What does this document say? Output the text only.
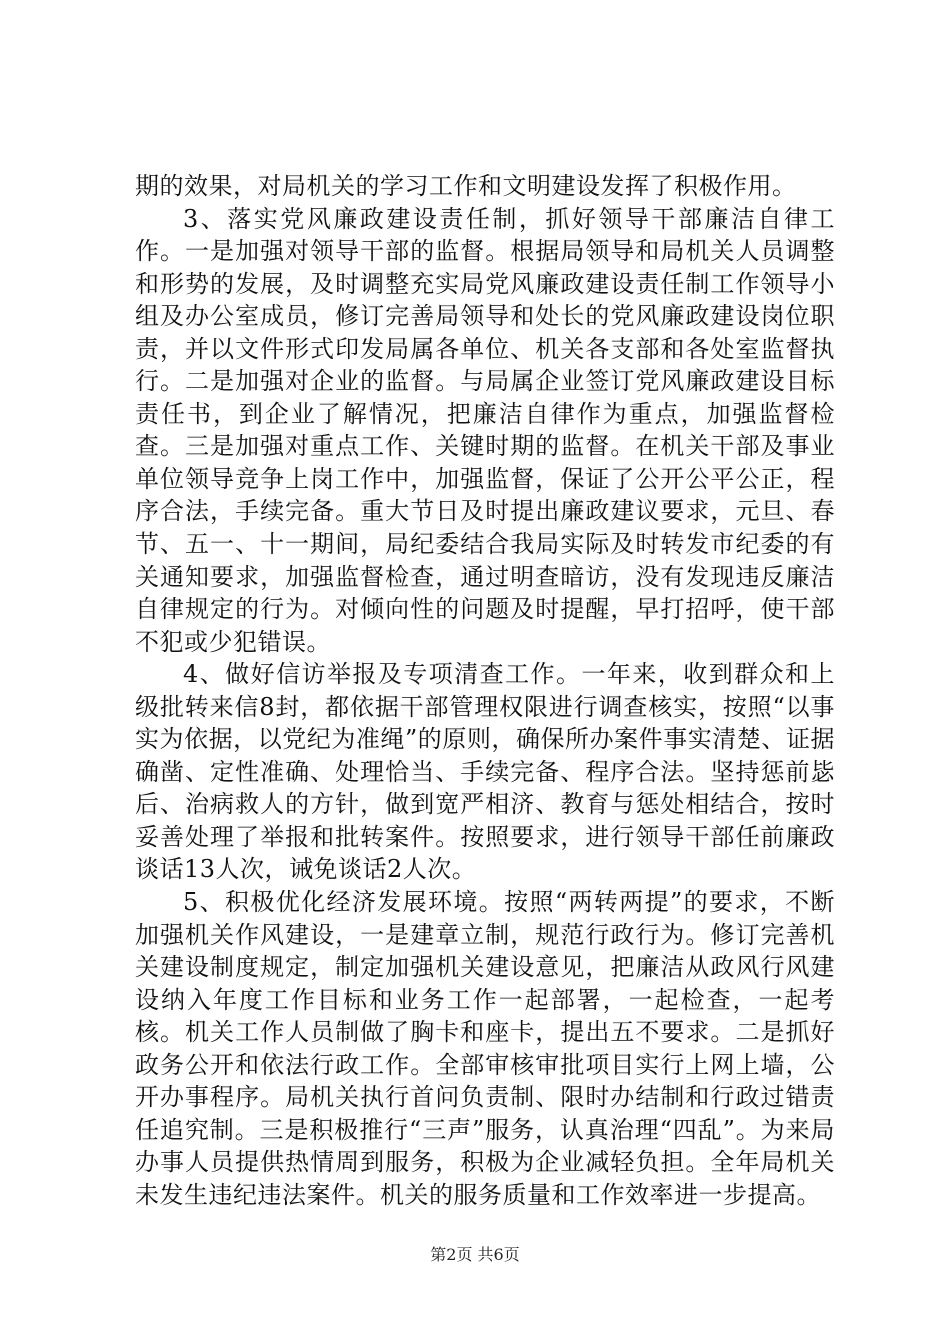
期的效果，对局机关的学习工作和文明建设发挥了积极作用。

3、落实党风廉政建设责任制，抓好领导干部廉洁自律工作。一是加强对领导干部的监督。根据局领导和局机关人员调整和形势的发展，及时调整充实局党风廉政建设责任制工作领导小组及办公室成员，修订完善局领导和处长的党风廉政建设岗位职责，并以文件形式印发局属各单位、机关各支部和各处室监督执行。二是加强对企业的监督。与局属企业签订党风廉政建设目标责任书，到企业了解情况，把廉洁自律作为重点，加强监督检查。三是加强对重点工作、关键时期的监督。在机关干部及事业单位领导竞争上岗工作中，加强监督，保证了公开公平公正，程序合法，手续完备。重大节日及时提出廉政建议要求，元旦、春节、五一、十一期间，局纪委结合我局实际及时转发市纪委的有关通知要求，加强监督检查，通过明查暗访，没有发现违反廉洁自律规定的行为。对倾向性的问题及时提醒，早打招呼，使干部不犯或少犯错误。

4、做好信访举报及专项清查工作。一年来，收到群众和上级批转来信8封，都依据干部管理权限进行调查核实，按照“以事实为依据，以党纪为准绳”的原则，确保所办案件事实清楚、证据确凿、定性准确、处理恰当、手续完备、程序合法。坚持惩前毖后、治病救人的方针，做到宽严相济、教育与惩处相结合，按时妥善处理了举报和批转案件。按照要求，进行领导干部任前廉政谈话13人次，诫免谈话2人次。

5、积极优化经济发展环境。按照“两转两提”的要求，不断加强机关作风建设，一是建章立制，规范行政行为。修订完善机关建设制度规定，制定加强机关建设意见，把廉洁从政风行风建设纳入年度工作目标和业务工作一起部署，一起检查，一起考核。机关工作人员制做了胸卡和座卡，提出五不要求。二是抓好政务公开和依法行政工作。全部审核审批项目实行上网上墙，公开办事程序。局机关执行首问负责制、限时办结制和行政过错责任追究制。三是积极推行“三声”服务，认真治理“四乱”。为来局办事人员提供热情周到服务，积极为企业减轻负担。全年局机关未发生违纪违法案件。机关的服务质量和工作效率进一步提高。

第2页 共6页
